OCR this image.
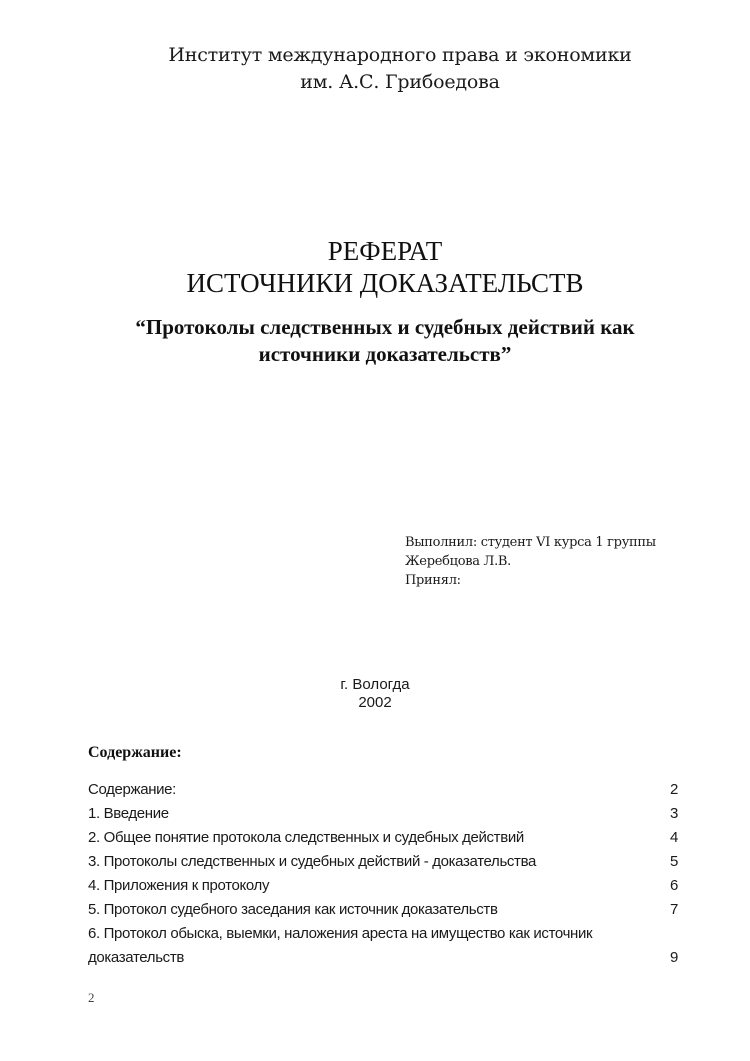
Институт международного права и экономики
им. А.С. Грибоедова
РЕФЕРАТ
ИСТОЧНИКИ ДОКАЗАТЕЛЬСТВ
“Протоколы следственных и судебных действий как
источники доказательств”
Выполнил: студент VI курса 1 группы
Жеребцова Л.В.
Принял:
г. Вологда
2002
Содержание:
Содержание:	2
1. Введение	3
2. Общее понятие протокола следственных и судебных действий	4
3. Протоколы следственных и судебных действий - доказательства	5
4. Приложения к протоколу	6
5. Протокол судебного заседания как источник доказательств	7
6. Протокол обыска, выемки, наложения ареста на имущество как источник доказательств	9
2
